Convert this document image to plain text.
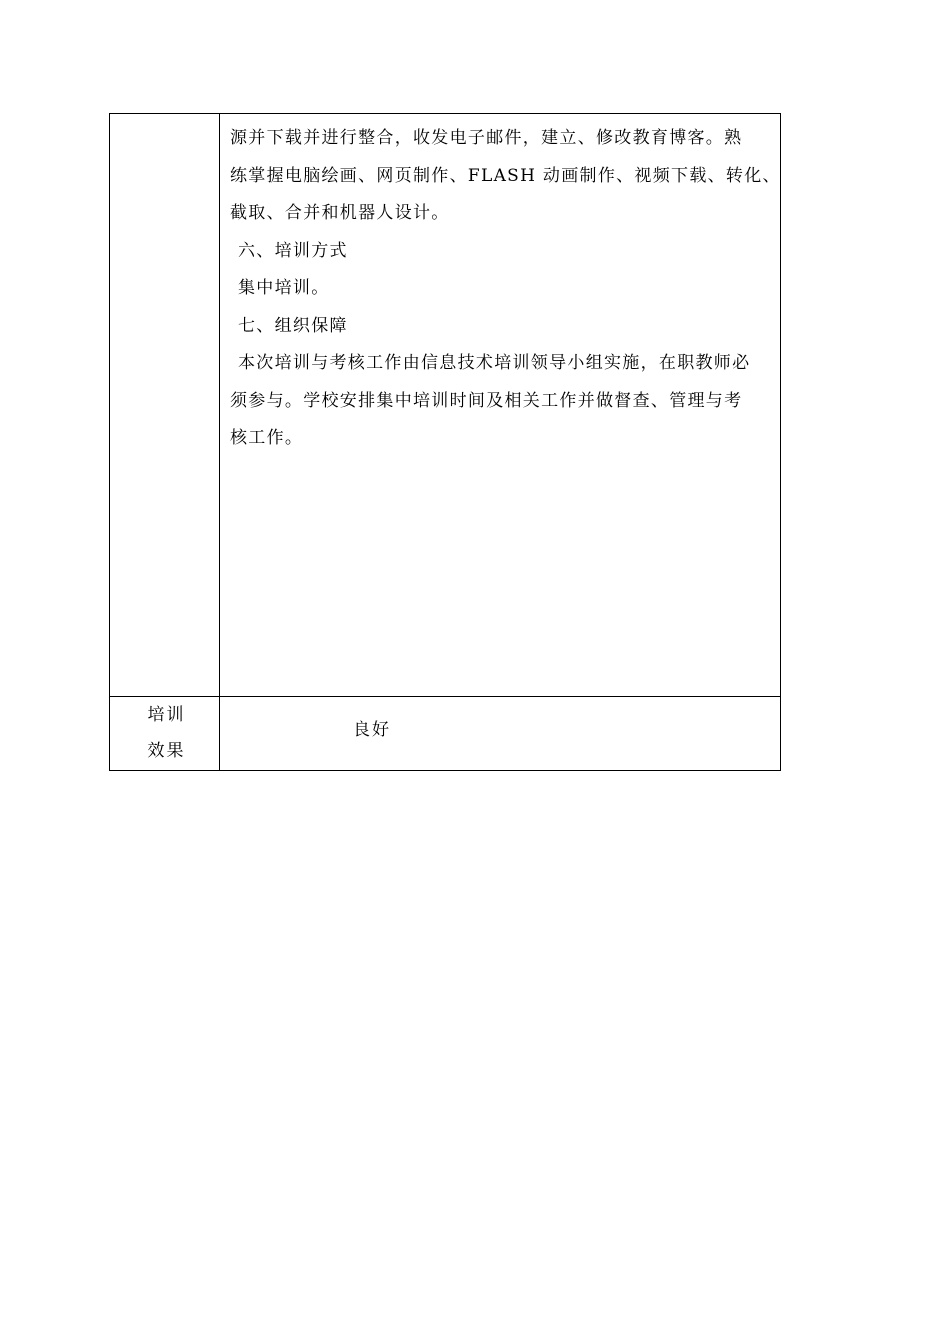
源并下载并进行整合，收发电子邮件，建立、修改教育博客。熟

练掌握电脑绘画、网页制作、FLASH 动画制作、视频下载、转化、

截取、合并和机器人设计。

六、培训方式

集中培训。

七、组织保障

本次培训与考核工作由信息技术培训领导小组实施，在职教师必

须参与。学校安排集中培训时间及相关工作并做督查、管理与考

核工作。

培训
效果
良好
